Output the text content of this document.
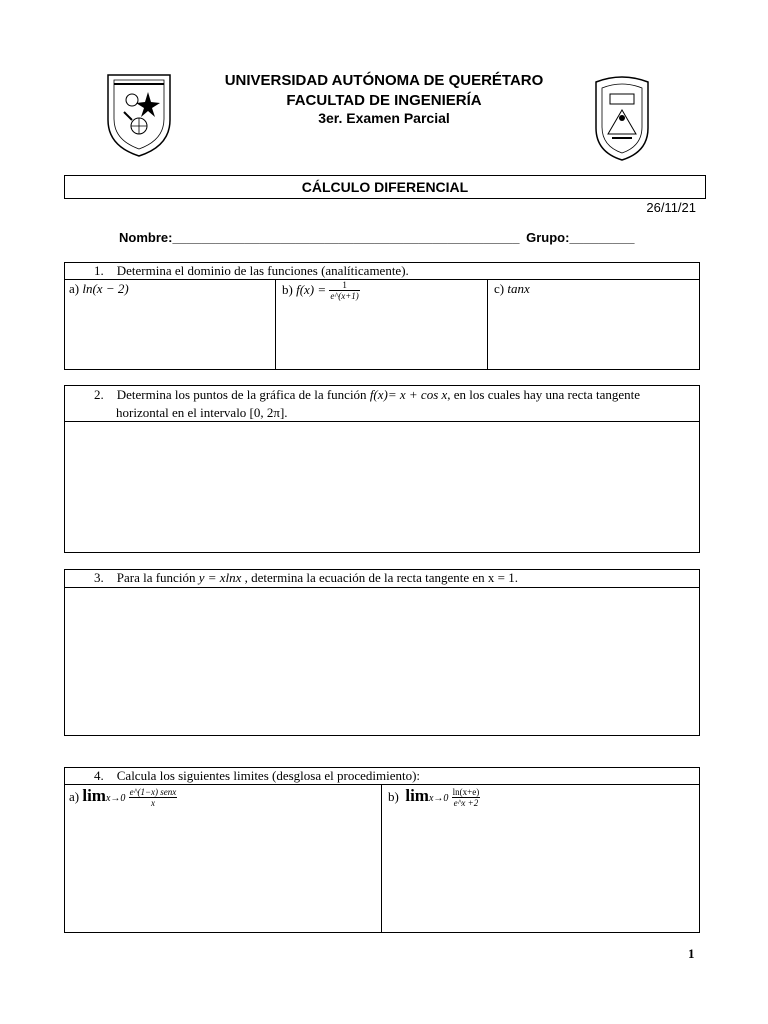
UNIVERSIDAD AUTÓNOMA DE QUERÉTARO
FACULTAD DE INGENIERÍA
3er. Examen Parcial
CÁLCULO DIFERENCIAL
26/11/21
Nombre:________________________________________________ Grupo:_________
1. Determina el dominio de las funciones (analíticamente).
a) ln(x − 2)	b) $f(x) = \frac{1}{e\^{}(x+1)}$	c) tanx
2. Determina los puntos de la gráfica de la función f(x)= x + cos x, en los cuales hay una recta tangente
horizontal en el intervalo [0, 2π].
3. Para la función y = xlnx , determina la ecuación de la recta tangente en x = 1.
4. Calcula los siguientes limites (desglosa el procedimiento):
a) $\lim x\to 0 \frac{\text{e\textasciicircum{}(1−x) senx}}{x}$	b) $\lim x\to 0 \frac{\ln(x+e)}{e\^{}x +2}$
1
